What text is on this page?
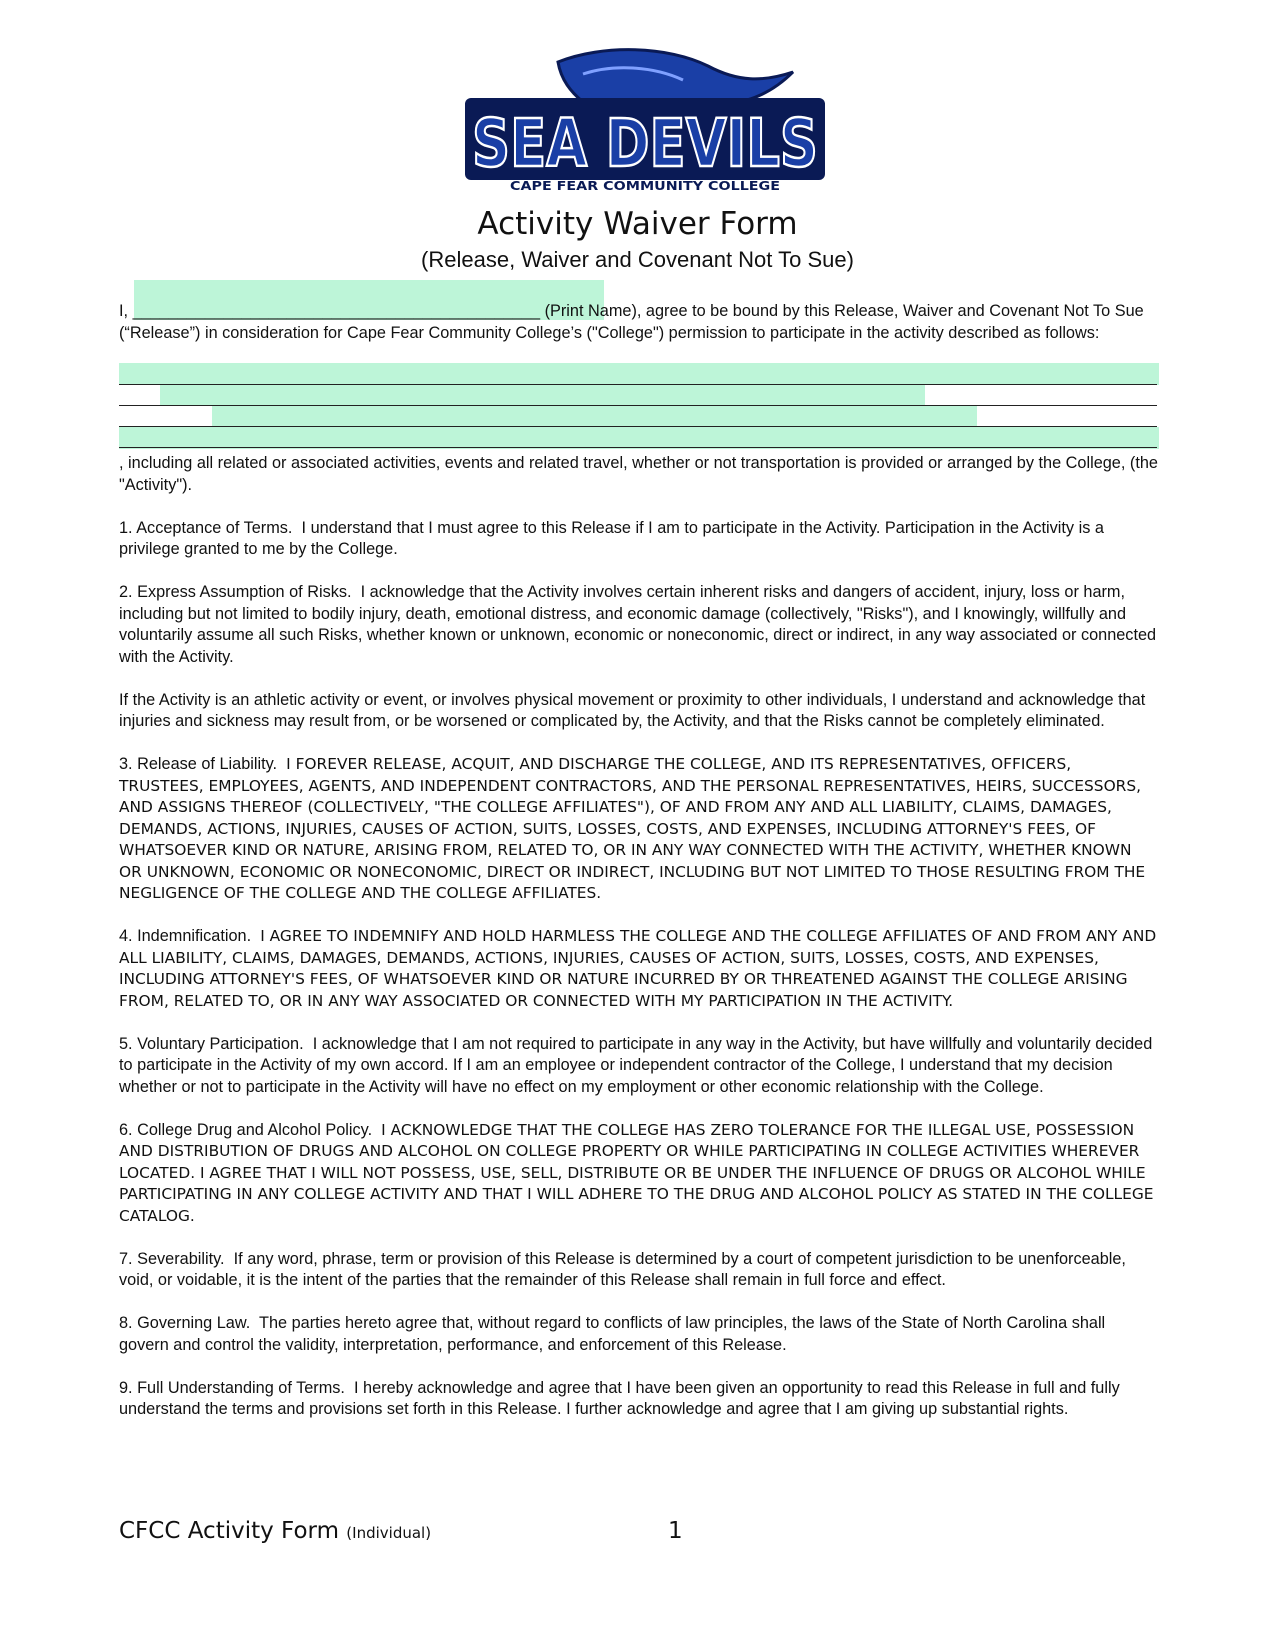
SEA DEVILS
CAPE FEAR COMMUNITY COLLEGE
Activity Waiver Form
(Release, Waiver and Covenant Not To Sue)
I, _____________________________________________ (Print Name), agree to be bound by this Release, Waiver and Covenant Not To Sue (“Release”) in consideration for Cape Fear Community College’s ("College") permission to participate in the activity described as follows:

, including all related or associated activities, events and related travel, whether or not transportation is provided or arranged by the College, (the "Activity").

1. Acceptance of Terms. I understand that I must agree to this Release if I am to participate in the Activity. Participation in the Activity is a privilege granted to me by the College.

2. Express Assumption of Risks. I acknowledge that the Activity involves certain inherent risks and dangers of accident, injury, loss or harm, including but not limited to bodily injury, death, emotional distress, and economic damage (collectively, "Risks"), and I knowingly, willfully and voluntarily assume all such Risks, whether known or unknown, economic or noneconomic, direct or indirect, in any way associated or connected with the Activity.

If the Activity is an athletic activity or event, or involves physical movement or proximity to other individuals, I understand and acknowledge that injuries and sickness may result from, or be worsened or complicated by, the Activity, and that the Risks cannot be completely eliminated.

3. Release of Liability. I FOREVER RELEASE, ACQUIT, AND DISCHARGE THE COLLEGE, AND ITS REPRESENTATIVES, OFFICERS, TRUSTEES, EMPLOYEES, AGENTS, AND INDEPENDENT CONTRACTORS, AND THE PERSONAL REPRESENTATIVES, HEIRS, SUCCESSORS, AND ASSIGNS THEREOF (COLLECTIVELY, "THE COLLEGE AFFILIATES"), OF AND FROM ANY AND ALL LIABILITY, CLAIMS, DAMAGES, DEMANDS, ACTIONS, INJURIES, CAUSES OF ACTION, SUITS, LOSSES, COSTS, AND EXPENSES, INCLUDING ATTORNEY'S FEES, OF WHATSOEVER KIND OR NATURE, ARISING FROM, RELATED TO, OR IN ANY WAY CONNECTED WITH THE ACTIVITY, WHETHER KNOWN OR UNKNOWN, ECONOMIC OR NONECONOMIC, DIRECT OR INDIRECT, INCLUDING BUT NOT LIMITED TO THOSE RESULTING FROM THE NEGLIGENCE OF THE COLLEGE AND THE COLLEGE AFFILIATES.

4. Indemnification. I AGREE TO INDEMNIFY AND HOLD HARMLESS THE COLLEGE AND THE COLLEGE AFFILIATES OF AND FROM ANY AND ALL LIABILITY, CLAIMS, DAMAGES, DEMANDS, ACTIONS, INJURIES, CAUSES OF ACTION, SUITS, LOSSES, COSTS, AND EXPENSES, INCLUDING ATTORNEY'S FEES, OF WHATSOEVER KIND OR NATURE INCURRED BY OR THREATENED AGAINST THE COLLEGE ARISING FROM, RELATED TO, OR IN ANY WAY ASSOCIATED OR CONNECTED WITH MY PARTICIPATION IN THE ACTIVITY.

5. Voluntary Participation. I acknowledge that I am not required to participate in any way in the Activity, but have willfully and voluntarily decided to participate in the Activity of my own accord. If I am an employee or independent contractor of the College, I understand that my decision whether or not to participate in the Activity will have no effect on my employment or other economic relationship with the College.

6. College Drug and Alcohol Policy. I ACKNOWLEDGE THAT THE COLLEGE HAS ZERO TOLERANCE FOR THE ILLEGAL USE, POSSESSION AND DISTRIBUTION OF DRUGS AND ALCOHOL ON COLLEGE PROPERTY OR WHILE PARTICIPATING IN COLLEGE ACTIVITIES WHEREVER LOCATED. I AGREE THAT I WILL NOT POSSESS, USE, SELL, DISTRIBUTE OR BE UNDER THE INFLUENCE OF DRUGS OR ALCOHOL WHILE PARTICIPATING IN ANY COLLEGE ACTIVITY AND THAT I WILL ADHERE TO THE DRUG AND ALCOHOL POLICY AS STATED IN THE COLLEGE CATALOG.

7. Severability. If any word, phrase, term or provision of this Release is determined by a court of competent jurisdiction to be unenforceable, void, or voidable, it is the intent of the parties that the remainder of this Release shall remain in full force and effect.

8. Governing Law. The parties hereto agree that, without regard to conflicts of law principles, the laws of the State of North Carolina shall govern and control the validity, interpretation, performance, and enforcement of this Release.

9. Full Understanding of Terms. I hereby acknowledge and agree that I have been given an opportunity to read this Release in full and fully understand the terms and provisions set forth in this Release. I further acknowledge and agree that I am giving up substantial rights.

CFCC Activity Form (Individual)	1
